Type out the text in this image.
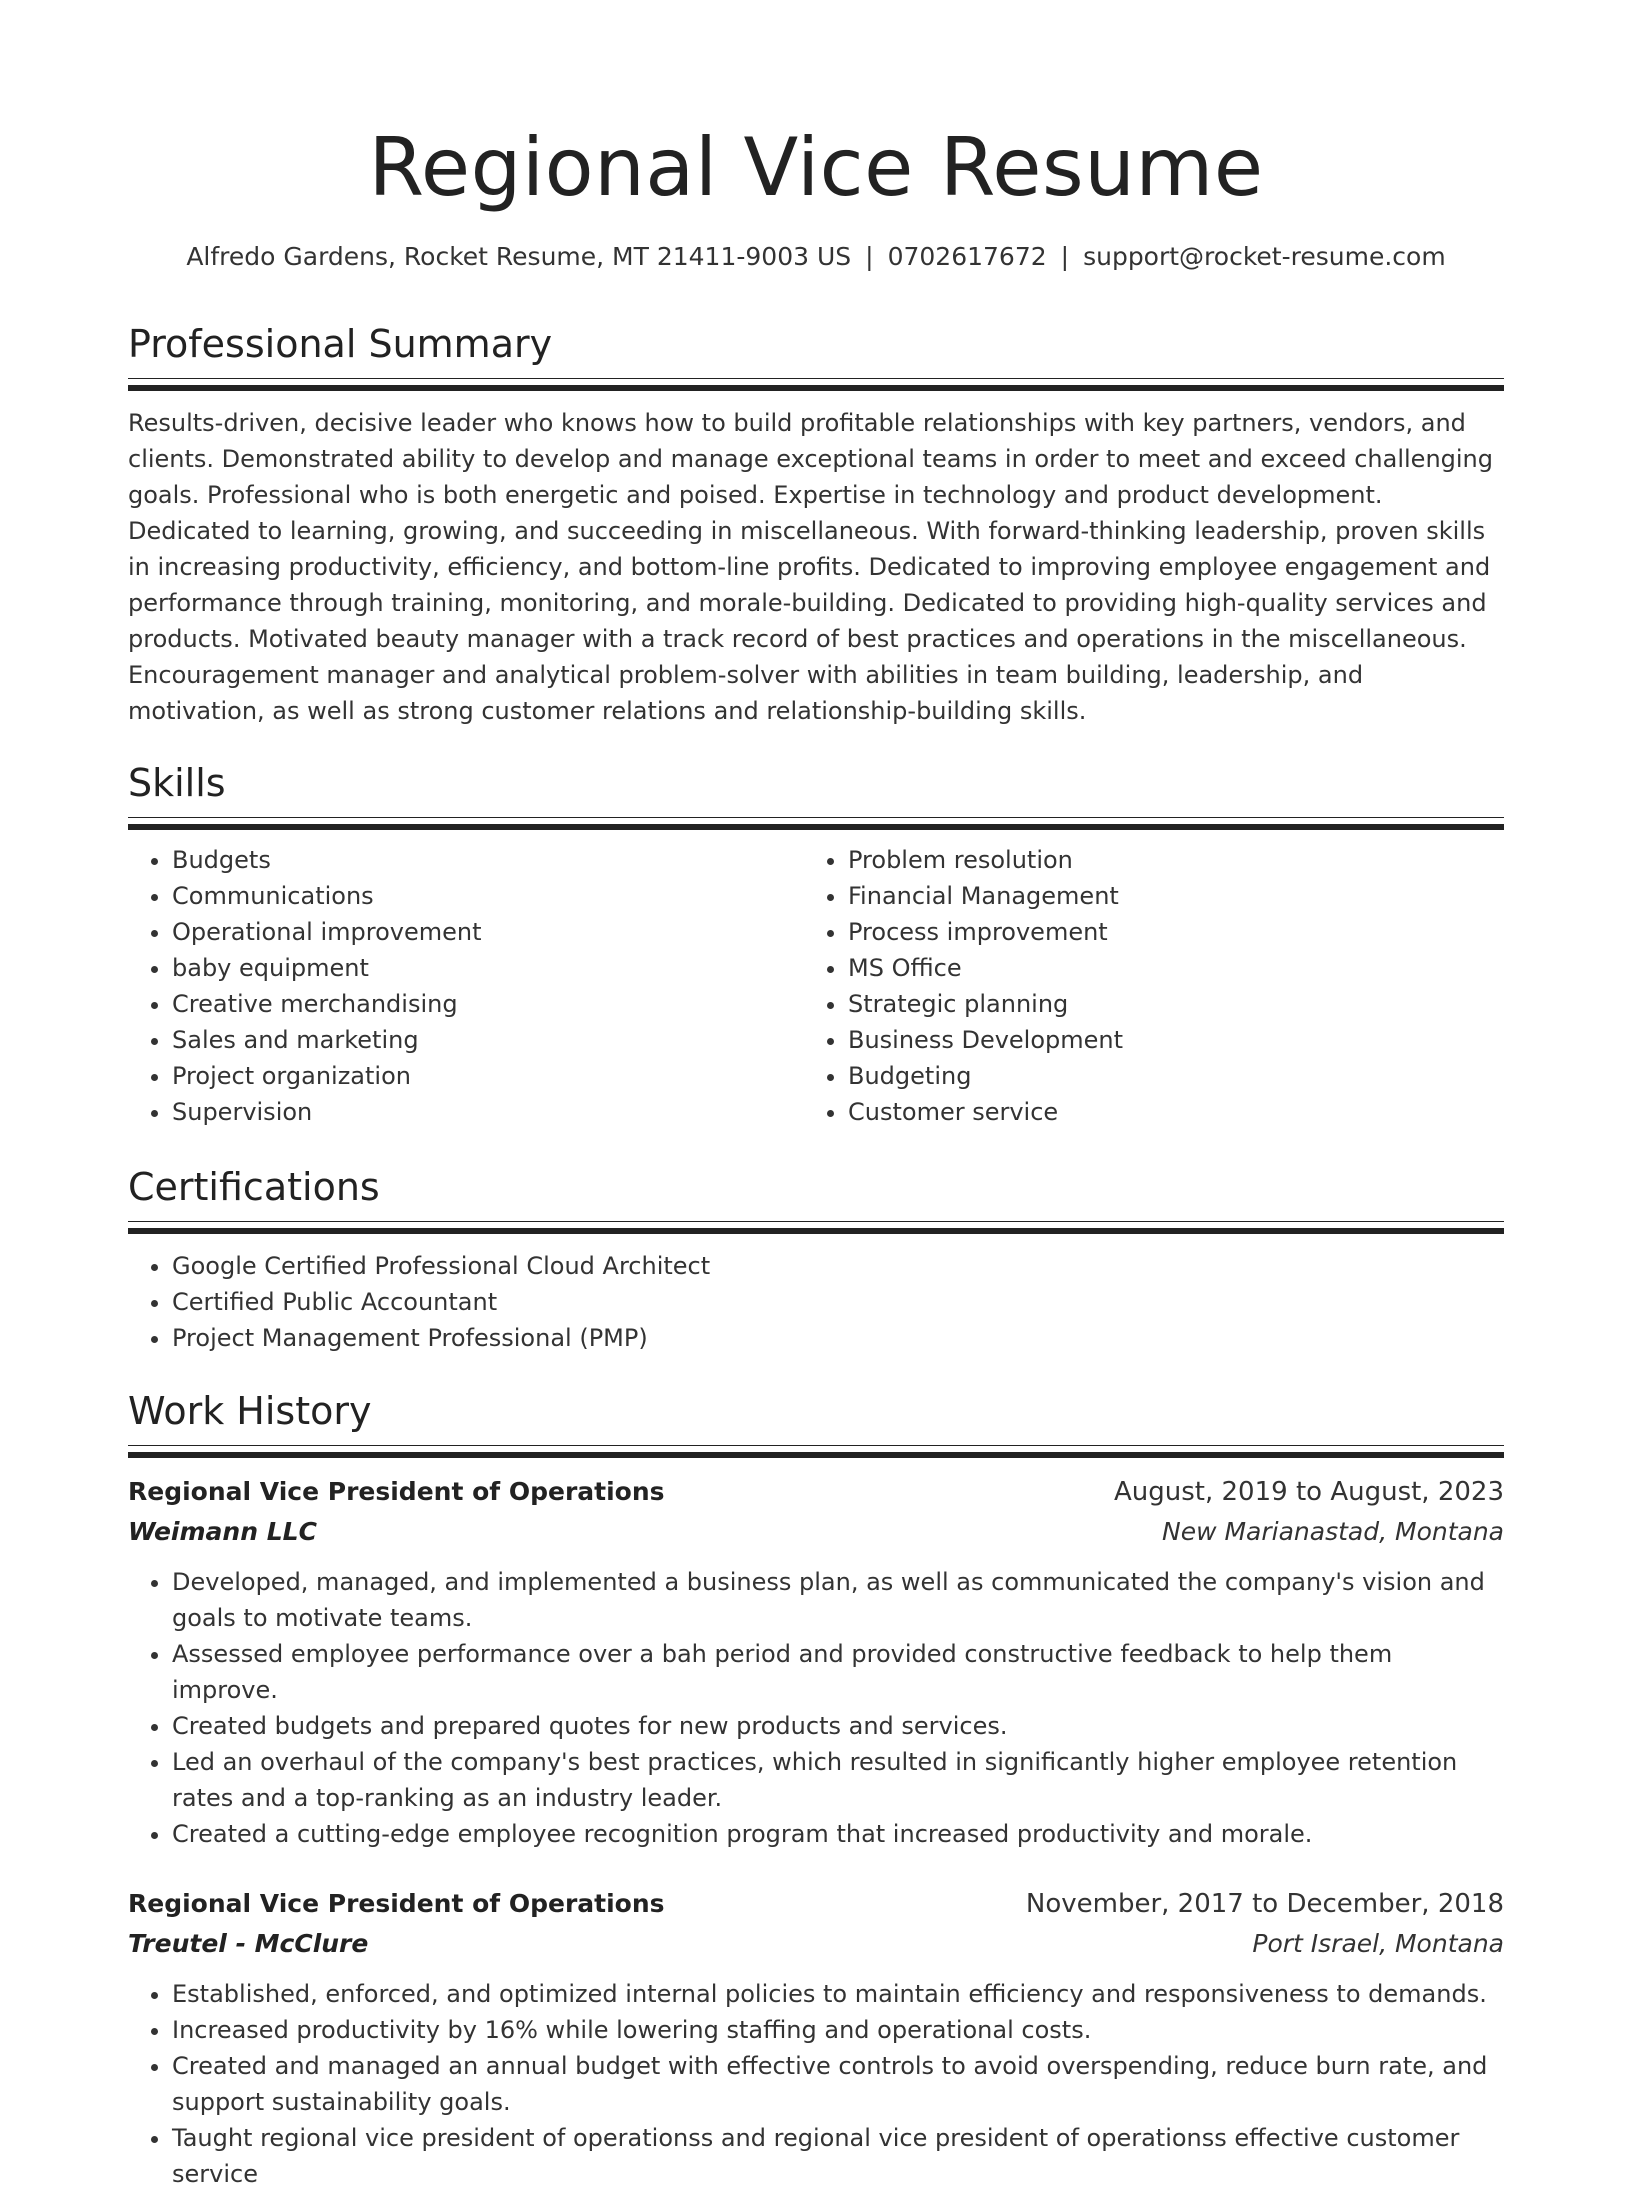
Regional Vice Resume
Alfredo Gardens, Rocket Resume, MT 21411-9003 US | 0702617672 | support@rocket-resume.com
Professional Summary

Results-driven, decisive leader who knows how to build profitable relationships with key partners, vendors, and clients. Demonstrated ability to develop and manage exceptional teams in order to meet and exceed challenging goals. Professional who is both energetic and poised. Expertise in technology and product development. Dedicated to learning, growing, and succeeding in miscellaneous. With forward-thinking leadership, proven skills in increasing productivity, efficiency, and bottom-line profits. Dedicated to improving employee engagement and performance through training, monitoring, and morale-building. Dedicated to providing high-quality services and products. Motivated beauty manager with a track record of best practices and operations in the miscellaneous. Encouragement manager and analytical problem-solver with abilities in team building, leadership, and motivation, as well as strong customer relations and relationship-building skills.

Skills
• Budgets
• Communications
• Operational improvement
• baby equipment
• Creative merchandising
• Sales and marketing
• Project organization
• Supervision
• Problem resolution
• Financial Management
• Process improvement
• MS Office
• Strategic planning
• Business Development
• Budgeting
• Customer service
Certifications
• Google Certified Professional Cloud Architect
• Certified Public Accountant
• Project Management Professional (PMP)
Work History
Regional Vice President of Operations	August, 2019 to August, 2023
Weimann LLC	New Marianastad, Montana
• Developed, managed, and implemented a business plan, as well as communicated the company's vision and goals to motivate teams.
• Assessed employee performance over a bah period and provided constructive feedback to help them improve.
• Created budgets and prepared quotes for new products and services.
• Led an overhaul of the company's best practices, which resulted in significantly higher employee retention rates and a top-ranking as an industry leader.
• Created a cutting-edge employee recognition program that increased productivity and morale.
Regional Vice President of Operations	November, 2017 to December, 2018
Treutel - McClure	Port Israel, Montana
• Established, enforced, and optimized internal policies to maintain efficiency and responsiveness to demands.
• Increased productivity by 16% while lowering staffing and operational costs.
• Created and managed an annual budget with effective controls to avoid overspending, reduce burn rate, and support sustainability goals.
• Taught regional vice president of operationss and regional vice president of operationss effective customer service
